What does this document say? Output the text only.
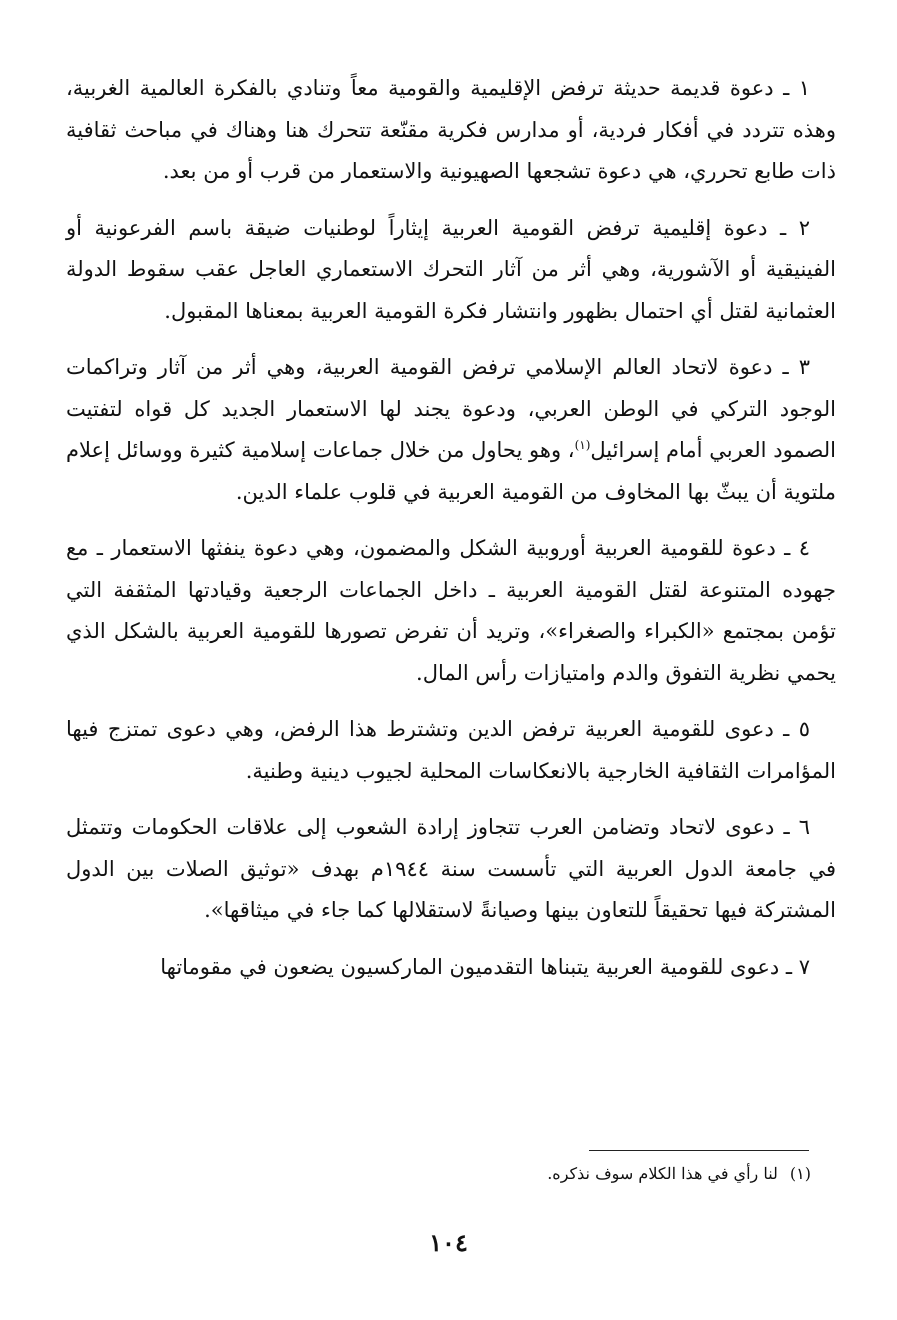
١ ـ دعوة قديمة حديثة ترفض الإقليمية والقومية معاً وتنادي بالفكرة العالمية الغربية، وهذه تتردد في أفكار فردية، أو مدارس فكرية مقنّعة تتحرك هنا وهناك في مباحث ثقافية ذات طابع تحرري، هي دعوة تشجعها الصهيونية والاستعمار من قرب أو من بعد.

٢ ـ دعوة إقليمية ترفض القومية العربية إيثاراً لوطنيات ضيقة باسم الفرعونية أو الفينيقية أو الآشورية، وهي أثر من آثار التحرك الاستعماري العاجل عقب سقوط الدولة العثمانية لقتل أي احتمال بظهور وانتشار فكرة القومية العربية بمعناها المقبول.

٣ ـ دعوة لاتحاد العالم الإسلامي ترفض القومية العربية، وهي أثر من آثار وتراكمات الوجود التركي في الوطن العربي، ودعوة يجند لها الاستعمار الجديد كل قواه لتفتيت الصمود العربي أمام إسرائيل$^{(١)}$، وهو يحاول من خلال جماعات إسلامية كثيرة ووسائل إعلام ملتوية أن يبثّ بها المخاوف من القومية العربية في قلوب علماء الدين.

٤ ـ دعوة للقومية العربية أوروبية الشكل والمضمون، وهي دعوة ينفثها الاستعمار ـ مع جهوده المتنوعة لقتل القومية العربية ـ داخل الجماعات الرجعية وقيادتها المثقفة التي تؤمن بمجتمع «الكبراء والصغراء»، وتريد أن تفرض تصورها للقومية العربية بالشكل الذي يحمي نظرية التفوق والدم وامتيازات رأس المال.

٥ ـ دعوى للقومية العربية ترفض الدين وتشترط هذا الرفض، وهي دعوى تمتزج فيها المؤامرات الثقافية الخارجية بالانعكاسات المحلية لجيوب دينية وطنية.

٦ ـ دعوى لاتحاد وتضامن العرب تتجاوز إرادة الشعوب إلى علاقات الحكومات وتتمثل في جامعة الدول العربية التي تأسست سنة ١٩٤٤م بهدف «توثيق الصلات بين الدول المشتركة فيها تحقيقاً للتعاون بينها وصيانةً لاستقلالها كما جاء في ميثاقها».

٧ ـ دعوى للقومية العربية يتبناها التقدميون الماركسيون يضعون في مقوماتها

(١)لنا رأي في هذا الكلام سوف نذكره.
١٠٤
